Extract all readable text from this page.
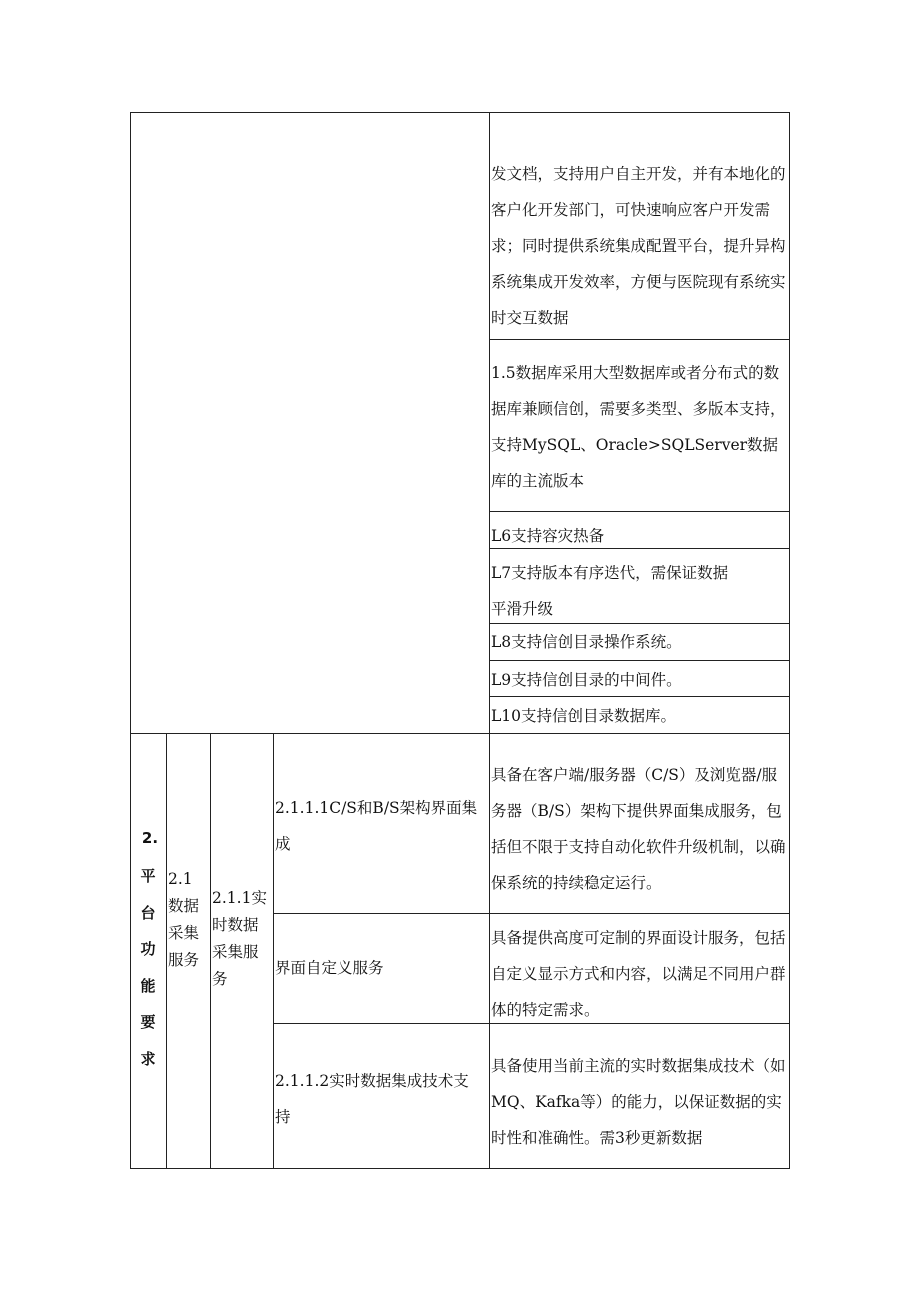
发文档，支持用户自主开发，并有本地化的客户化开发部门，可快速响应客户开发需求；同时提供系统集成配置平台，提升异构系统集成开发效率，方便与医院现有系统实时交互数据
1.5数据库采用大型数据库或者分布式的数据库兼顾信创，需要多类型、多版本支持，支持MySQL、Oracle>SQLServer数据库的主流版本
L6支持容灾热备
L7支持版本有序迭代，需保证数据平滑升级
L8支持信创目录操作系统。
L9支持信创目录的中间件。
L10支持信创目录数据库。
2.
平
台
功
能
要
求
2.1数据采集服务
2.1.1实时数据采集服务
2.1.1.1C/S和B/S架构界面集成
具备在客户端/服务器（C/S）及浏览器/服务器（B/S）架构下提供界面集成服务，包括但不限于支持自动化软件升级机制，以确保系统的持续稳定运行。
界面自定义服务
具备提供高度可定制的界面设计服务，包括自定义显示方式和内容，以满足不同用户群体的特定需求。
2.1.1.2实时数据集成技术支持
具备使用当前主流的实时数据集成技术（如MQ、Kafka等）的能力，以保证数据的实时性和准确性。需3秒更新数据
